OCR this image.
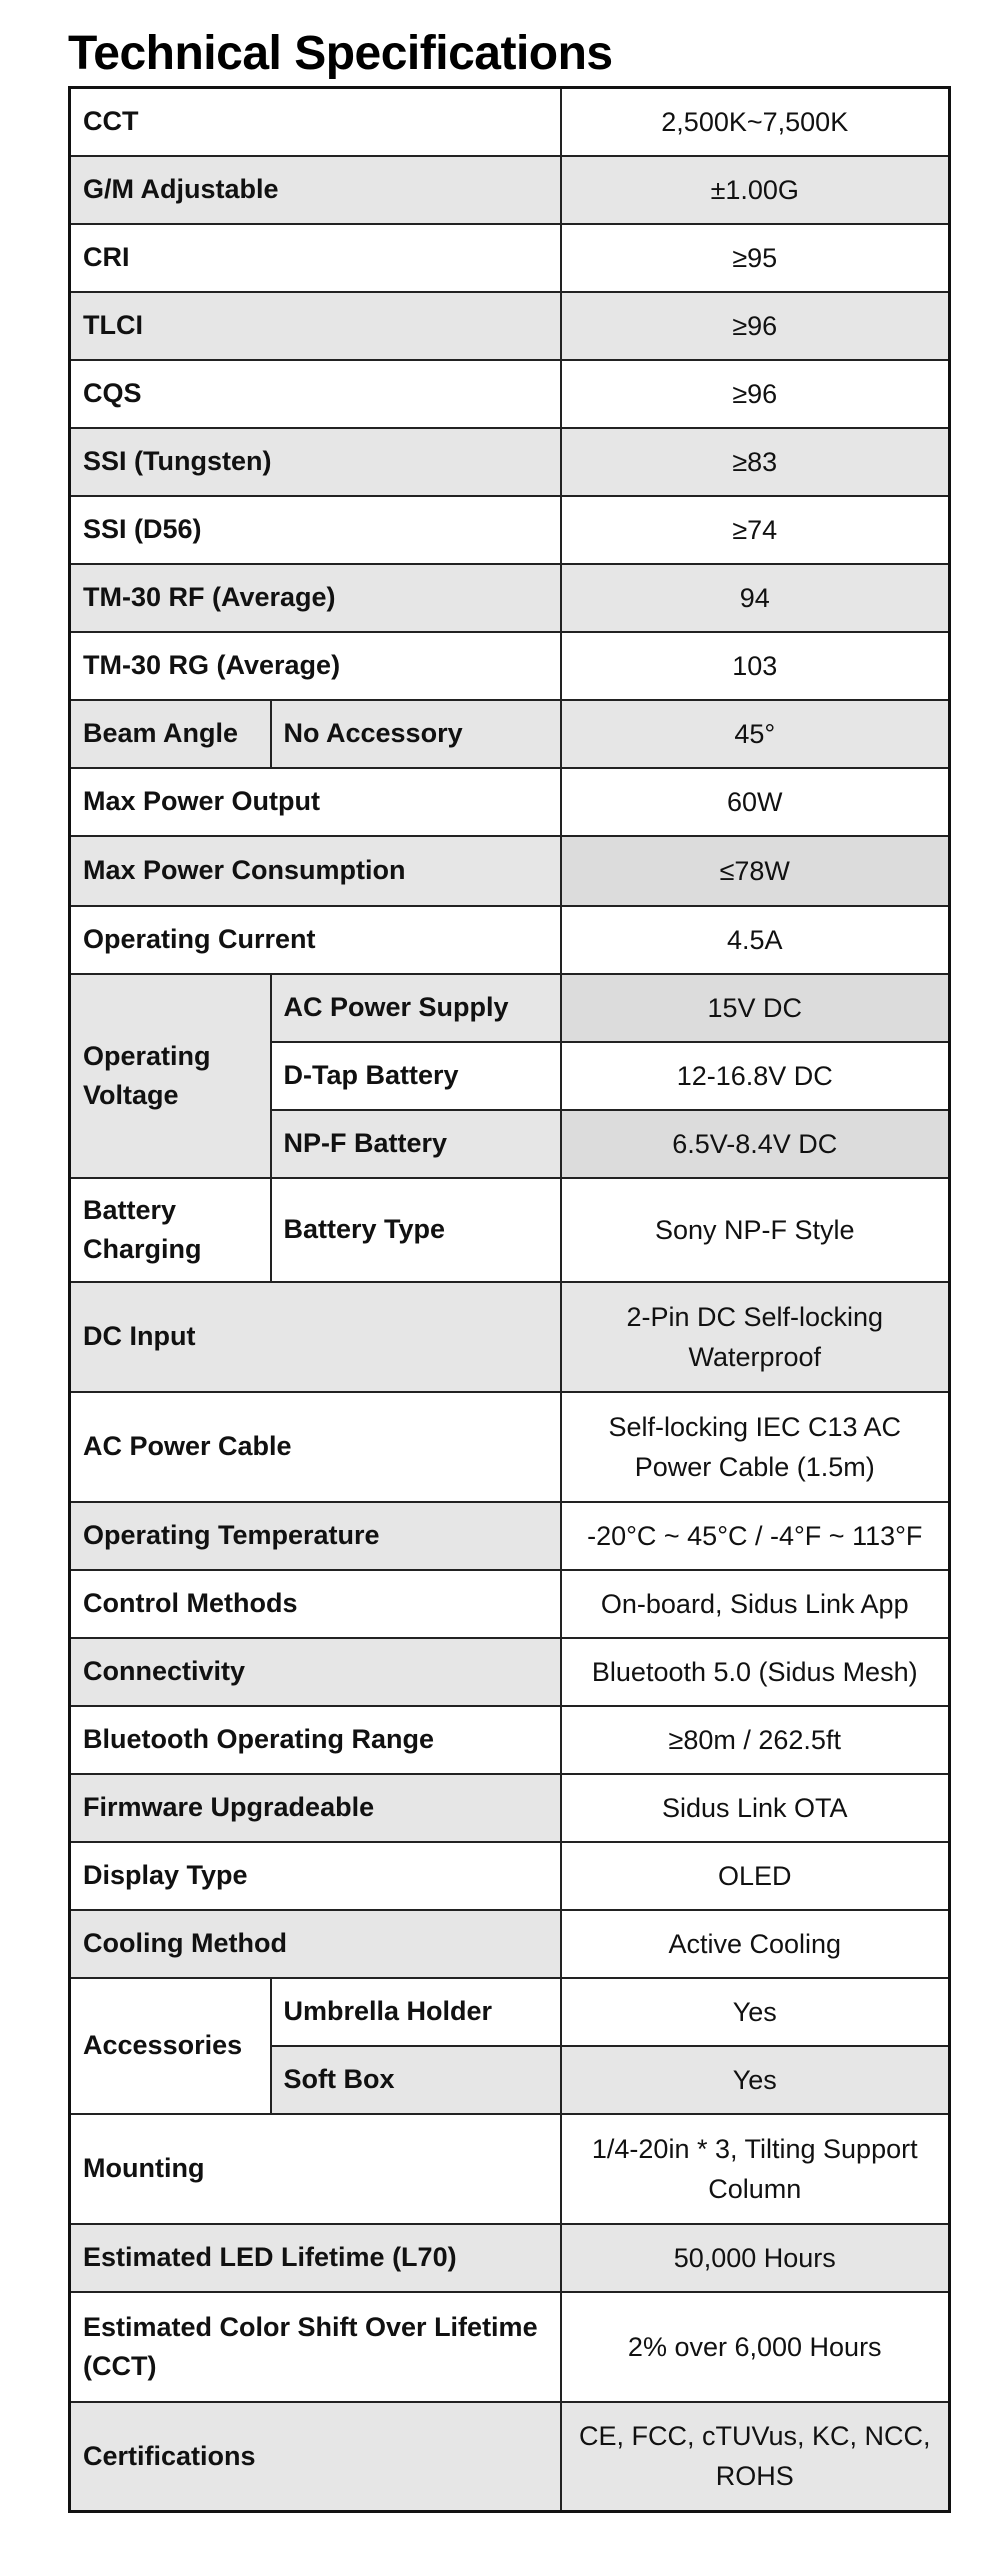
Technical Specifications
CCT		2,500K~7,500K
G/M Adjustable		±1.00G
CRI		≥95
TLCI		≥96
CQS		≥96
SSI (Tungsten)		≥83
SSI (D56)		≥74
TM-30 RF (Average)		94
TM-30 RG (Average)		103
Beam Angle	No Accessory	45°
Max Power Output		60W
Max Power Consumption		≤78W
Operating Current		4.5A
Operating Voltage	AC Power Supply	15V DC
	D-Tap Battery	12-16.8V DC
	NP-F Battery	6.5V-8.4V DC
Battery Charging	Battery Type	Sony NP-F Style
DC Input		2-Pin DC Self-locking Waterproof
AC Power Cable		Self-locking IEC C13 AC Power Cable (1.5m)
Operating Temperature		-20°C ~ 45°C / -4°F ~ 113°F
Control Methods		On-board, Sidus Link App
Connectivity		Bluetooth 5.0 (Sidus Mesh)
Bluetooth Operating Range		≥80m / 262.5ft
Firmware Upgradeable		Sidus Link OTA
Display Type		OLED
Cooling Method		Active Cooling
Accessories	Umbrella Holder	Yes
	Soft Box	Yes
Mounting		1/4-20in * 3, Tilting Support Column
Estimated LED Lifetime (L70)		50,000 Hours
Estimated Color Shift Over Lifetime (CCT)		2% over 6,000 Hours
Certifications		CE, FCC, cTUVus, KC, NCC, ROHS
